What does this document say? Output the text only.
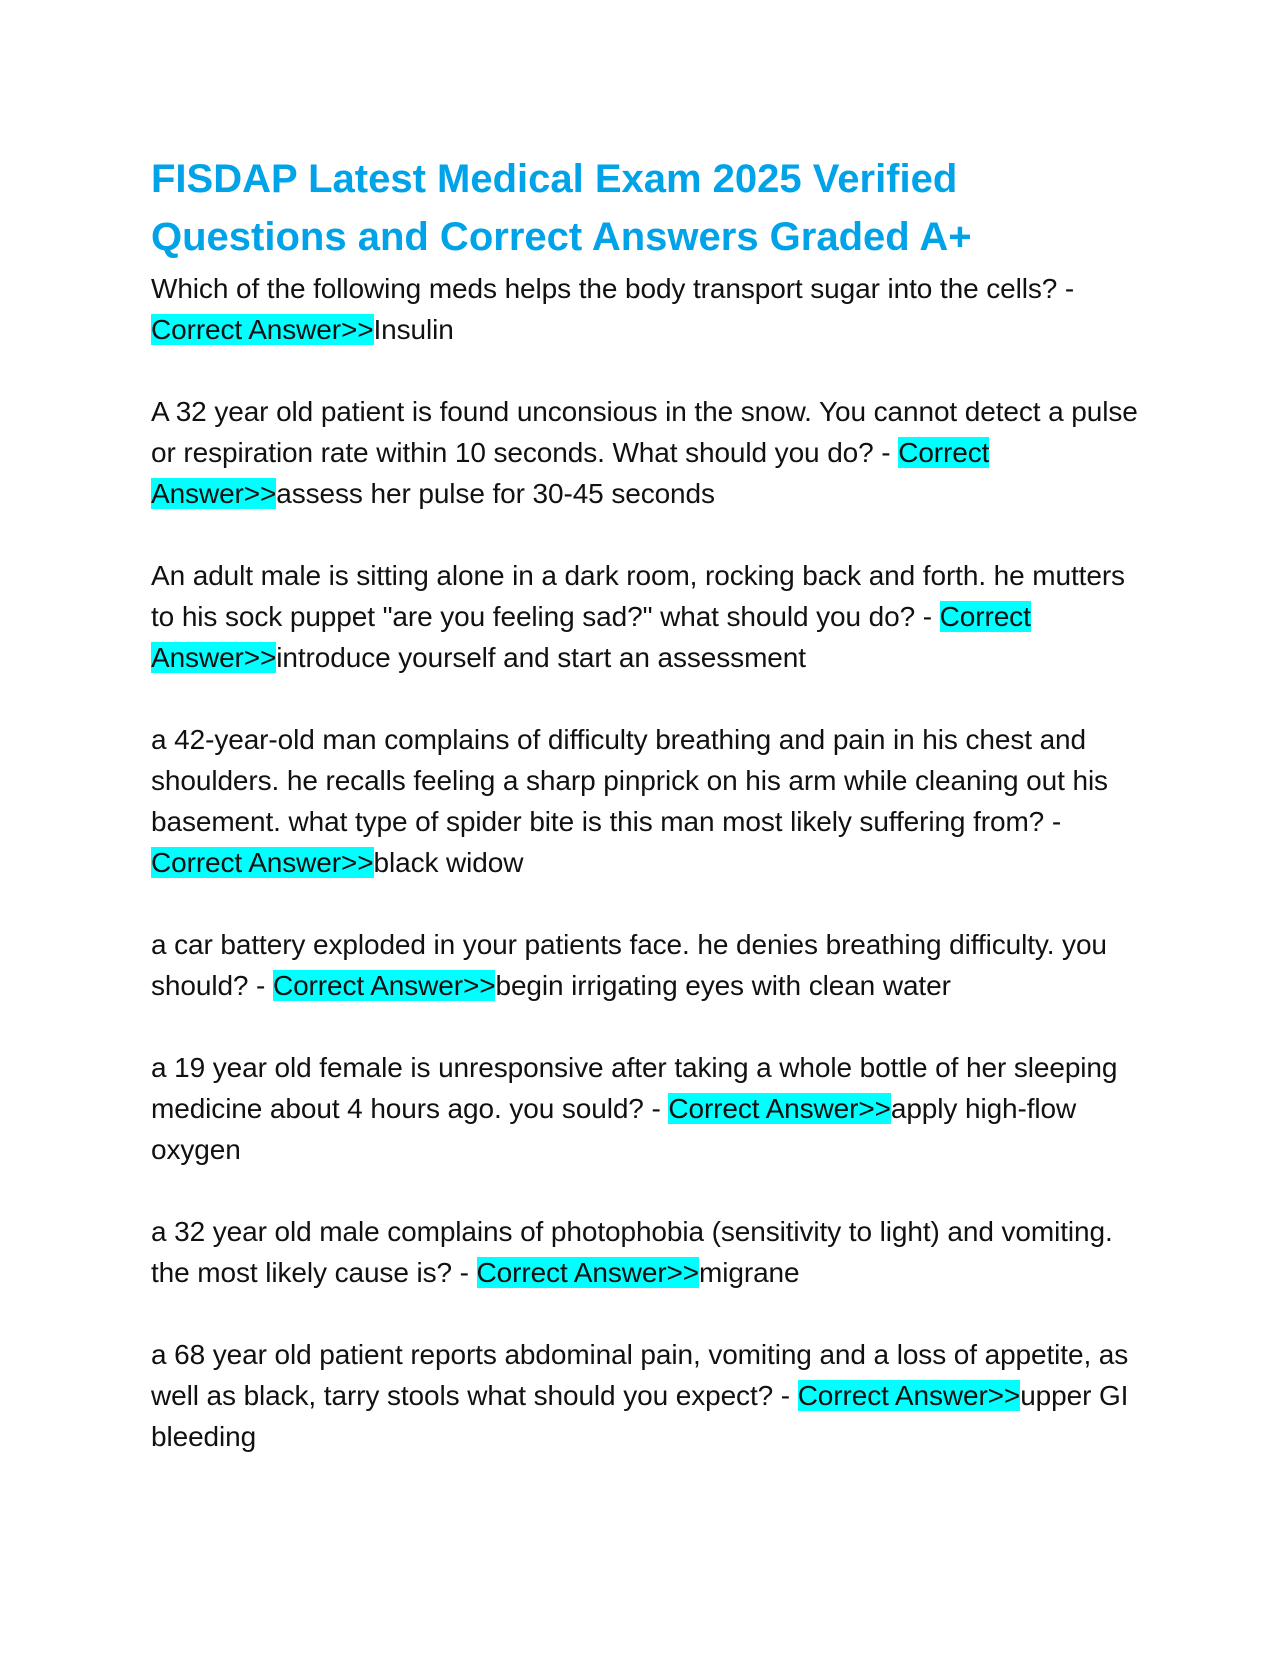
FISDAP Latest Medical Exam 2025 Verified Questions and Correct Answers Graded A+

Which of the following meds helps the body transport sugar into the cells? - Correct Answer>>Insulin

A 32 year old patient is found unconsious in the snow. You cannot detect a pulse or respiration rate within 10 seconds. What should you do? - Correct Answer>>assess her pulse for 30-45 seconds

An adult male is sitting alone in a dark room, rocking back and forth. he mutters to his sock puppet "are you feeling sad?" what should you do? - Correct Answer>>introduce yourself and start an assessment

a 42-year-old man complains of difficulty breathing and pain in his chest and shoulders. he recalls feeling a sharp pinprick on his arm while cleaning out his basement. what type of spider bite is this man most likely suffering from? - Correct Answer>>black widow

a car battery exploded in your patients face. he denies breathing difficulty. you should? - Correct Answer>>begin irrigating eyes with clean water

a 19 year old female is unresponsive after taking a whole bottle of her sleeping medicine about 4 hours ago. you sould? - Correct Answer>>apply high-flow oxygen

a 32 year old male complains of photophobia (sensitivity to light) and vomiting. the most likely cause is? - Correct Answer>>migrane

a 68 year old patient reports abdominal pain, vomiting and a loss of appetite, as well as black, tarry stools what should you expect? - Correct Answer>>upper GI bleeding
